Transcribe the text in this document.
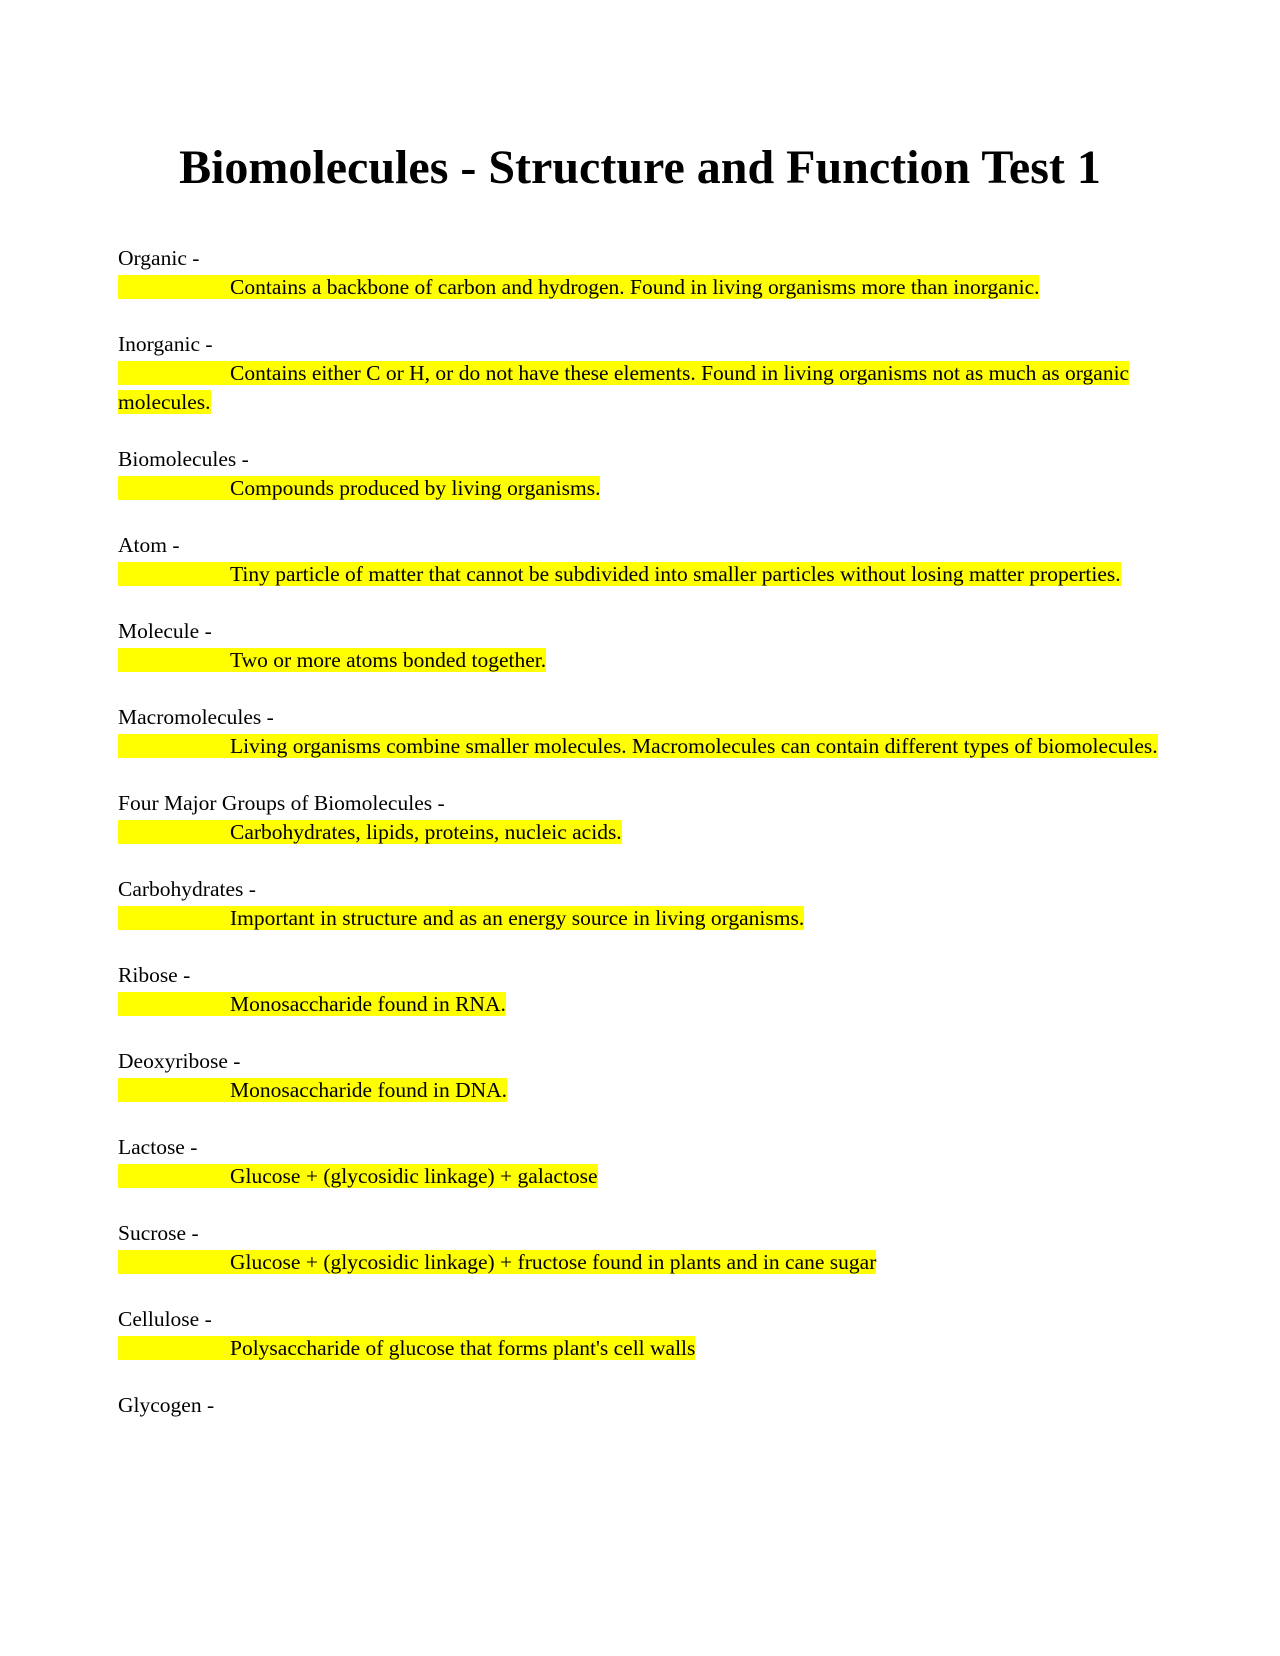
Biomolecules - Structure and Function Test 1
Organic -

Contains a backbone of carbon and hydrogen. Found in living organisms more than inorganic.

Inorganic -

Contains either C or H, or do not have these elements. Found in living organisms not as much as organic molecules.

Biomolecules -

Compounds produced by living organisms.

Atom -

Tiny particle of matter that cannot be subdivided into smaller particles without losing matter properties.

Molecule -

Two or more atoms bonded together.

Macromolecules -

Living organisms combine smaller molecules. Macromolecules can contain different types of biomolecules.

Four Major Groups of Biomolecules -

Carbohydrates, lipids, proteins, nucleic acids.

Carbohydrates -

Important in structure and as an energy source in living organisms.

Ribose -

Monosaccharide found in RNA.

Deoxyribose -

Monosaccharide found in DNA.

Lactose -

Glucose + (glycosidic linkage) + galactose

Sucrose -

Glucose + (glycosidic linkage) + fructose found in plants and in cane sugar

Cellulose -

Polysaccharide of glucose that forms plant's cell walls

Glycogen -
